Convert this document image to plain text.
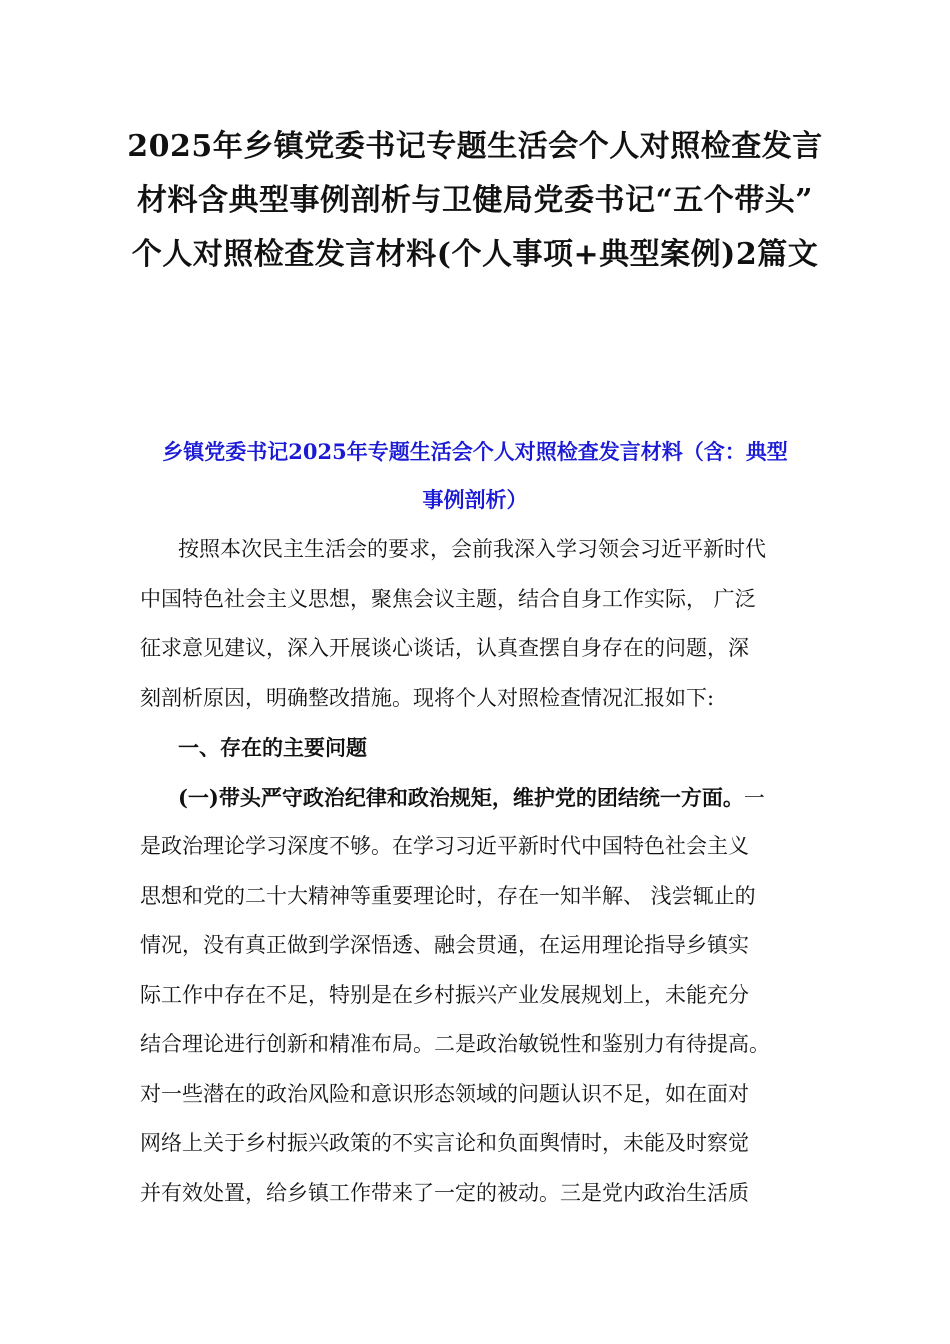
2025年乡镇党委书记专题生活会个人对照检查发言
材料含典型事例剖析与卫健局党委书记“五个带头”
个人对照检查发言材料(个人事项+典型案例)2篇文
乡镇党委书记2025年专题生活会个人对照检查发言材料（含：典型
事例剖析）
按照本次民主生活会的要求，会前我深入学习领会习近平新时代
中国特色社会主义思想，聚焦会议主题，结合自身工作实际， 广泛
征求意见建议，深入开展谈心谈话，认真查摆自身存在的问题，深
刻剖析原因，明确整改措施。现将个人对照检查情况汇报如下:
一、存在的主要问题
(一)带头严守政治纪律和政治规矩，维护党的团结统一方面。一
是政治理论学习深度不够。在学习习近平新时代中国特色社会主义
思想和党的二十大精神等重要理论时，存在一知半解、 浅尝辄止的
情况，没有真正做到学深悟透、融会贯通，在运用理论指导乡镇实
际工作中存在不足，特别是在乡村振兴产业发展规划上，未能充分
结合理论进行创新和精准布局。二是政治敏锐性和鉴别力有待提高。
对一些潜在的政治风险和意识形态领域的问题认识不足，如在面对
网络上关于乡村振兴政策的不实言论和负面舆情时，未能及时察觉
并有效处置，给乡镇工作带来了一定的被动。三是党内政治生活质
